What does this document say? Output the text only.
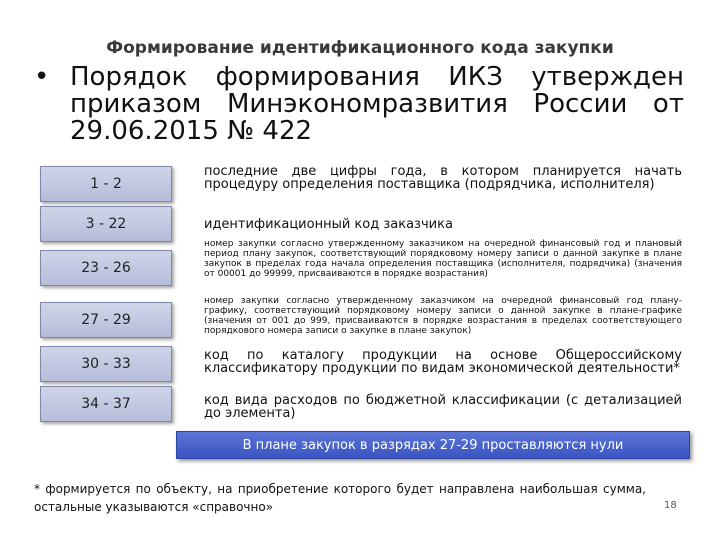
Формирование идентификационного кода закупки
• Порядок формирования ИКЗ утвержден приказом Минэкономразвития России от 29.06.2015 № 422
1 - 2
3 - 22
23 - 26
27 - 29
30 - 33
34 - 37
последние две цифры года, в котором планируется начать процедуру определения поставщика (подрядчика, исполнителя)
идентификационный код заказчика
номер закупки согласно утвержденному заказчиком на очередной финансовый год и плановый период плану закупок, соответствующий порядковому номеру записи о данной закупке в плане закупок в пределах года начала определения поставщика (исполнителя, подрядчика) (значения от 00001 до 99999, присваиваются в порядке возрастания)
номер закупки согласно утвержденному заказчиком на очередной финансовый год плану-графику, соответствующий порядковому номеру записи о данной закупке в плане-графике (значения от 001 до 999, присваиваются в порядке возрастания в пределах соответствующего порядкового номера записи о закупке в плане закупок)
код по каталогу продукции на основе Общероссийскому классификатору продукции по видам экономической деятельности*
код вида расходов по бюджетной классификации (с детализацией до элемента)
В плане закупок в разрядах 27-29 проставляются нули
* формируется по объекту, на приобретение которого будет направлена наибольшая сумма, остальные указываются «справочно»	18
